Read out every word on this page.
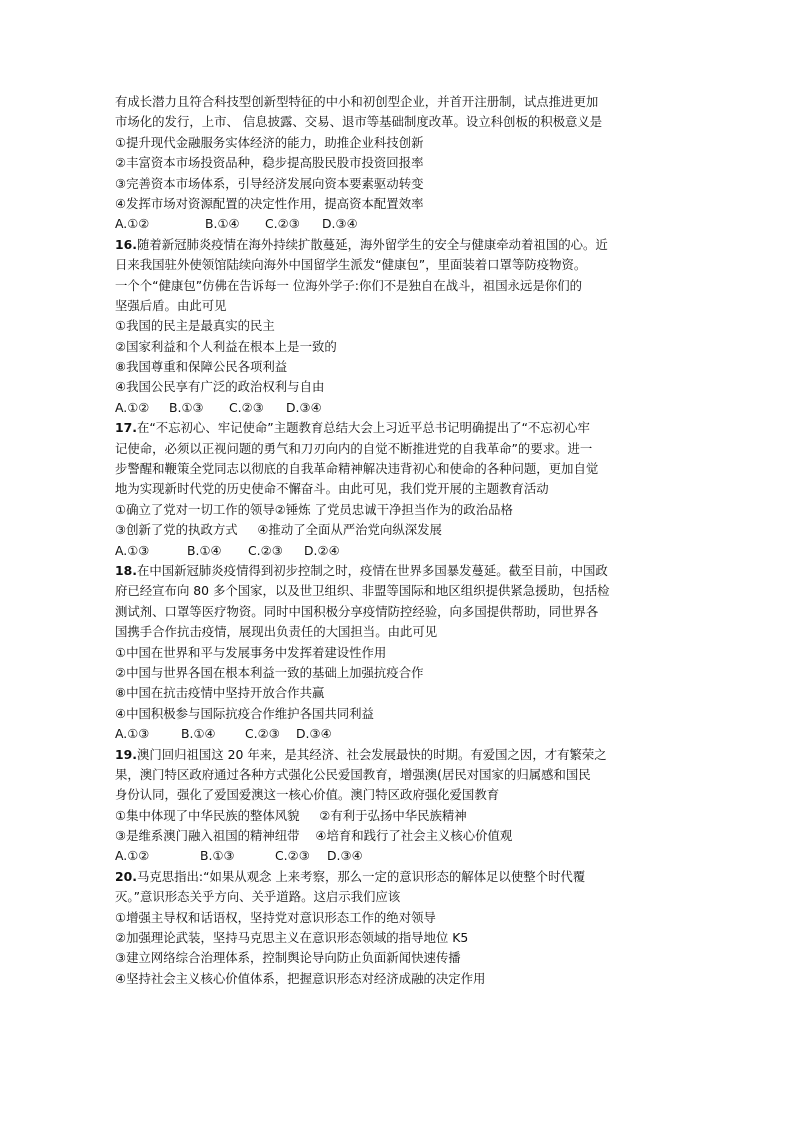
有成长潜力且符合科技型创新型特征的中小和初创型企业，并首开注册制，试点推进更加
市场化的发行，上市、 信息披露、交易、退市等基础制度改革。设立科创板的积极意义是
①提升现代金融服务实体经济的能力，助推企业科技创新
②丰富资本市场投资品种，稳步提高股民股市投资回报率
③完善资本市场体系，引导经济发展向资本要素驱动转变
④发挥市场对资源配置的决定性作用，提高资本配置效率
A.①②	B.①④	C.②③	D.③④
16.随着新冠肺炎疫情在海外持续扩散蔓延，海外留学生的安全与健康牵动着祖国的心。近
日来我国驻外使领馆陆续向海外中国留学生派发“健康包”，里面装着口罩等防疫物资。
一个个“健康包”仿佛在告诉每一 位海外学子:你们不是独自在战斗，祖国永远是你们的
坚强后盾。由此可见
①我国的民主是最真实的民主
②国家利益和个人利益在根本上是一致的
⑧我国尊重和保障公民各项利益
④我国公民享有广泛的政治权利与自由
A.①②	B.①③	C.②③	D.③④
17.在“不忘初心、牢记使命”主题教育总结大会上习近平总书记明确提出了“不忘初心牢
记使命，必须以正视问题的勇气和刀刃向内的自觉不断推进党的自我革命”的要求。进一
步警醒和鞭策全党同志以彻底的自我革命精神解决违背初心和使命的各种问题，更加自觉
地为实现新时代党的历史使命不懈奋斗。由此可见，我们党开展的主题教育活动
①确立了党对一切工作的领导②锤炼 了党员忠诚干净担当作为的政治品格
③创新了党的执政方式     ④推动了全面从严治党向纵深发展
A.①③	B.①④	C.②③	D.②④
18.在中国新冠肺炎疫情得到初步控制之时，疫情在世界多国暴发蔓延。截至目前，中国政
府已经宣布向 80 多个国家，以及世卫组织、非盟等国际和地区组织提供紧急援助，包括检
测试剂、口罩等医疗物资。同时中国积极分享疫情防控经验，向多国提供帮助，同世界各
国携手合作抗击疫情，展现出负责任的大国担当。由此可见
①中国在世界和平与发展事务中发挥着建设性作用
②中国与世界各国在根本利益一致的基础上加强抗疫合作
⑧中国在抗击疫情中坚持开放合作共赢
④中国积极参与国际抗疫合作维护各国共同利益
A.①③	B.①④	C.②③	D.③④
19.澳门回归祖国这 20 年来，是其经济、社会发展最快的时期。有爱国之因，才有繁荣之
果，澳门特区政府通过各种方式强化公民爱国教育，增强澳(居民对国家的归属感和国民
身份认同，强化了爱国爱澳这一核心价值。澳门特区政府强化爱国教育
①集中体现了中华民族的整体风貌     ②有利于弘扬中华民族精神
③是维系澳门融入祖国的精神纽带    ④培育和践行了社会主义核心价值观
A.①②	B.①③	C.②③	D.③④
20.马克思指出:“如果从观念 上来考察，那么一定的意识形态的解体足以使整个时代覆
灭。”意识形态关乎方向、关乎道路。这启示我们应该
①增强主导权和话语权，坚持党对意识形态工作的绝对领导
②加强理论武装，坚持马克思主义在意识形态领域的指导地位 K5
③建立网络综合治理体系，控制舆论导向防止负面新闻快速传播
④坚持社会主义核心价值体系，把握意识形态对经济成融的决定作用
